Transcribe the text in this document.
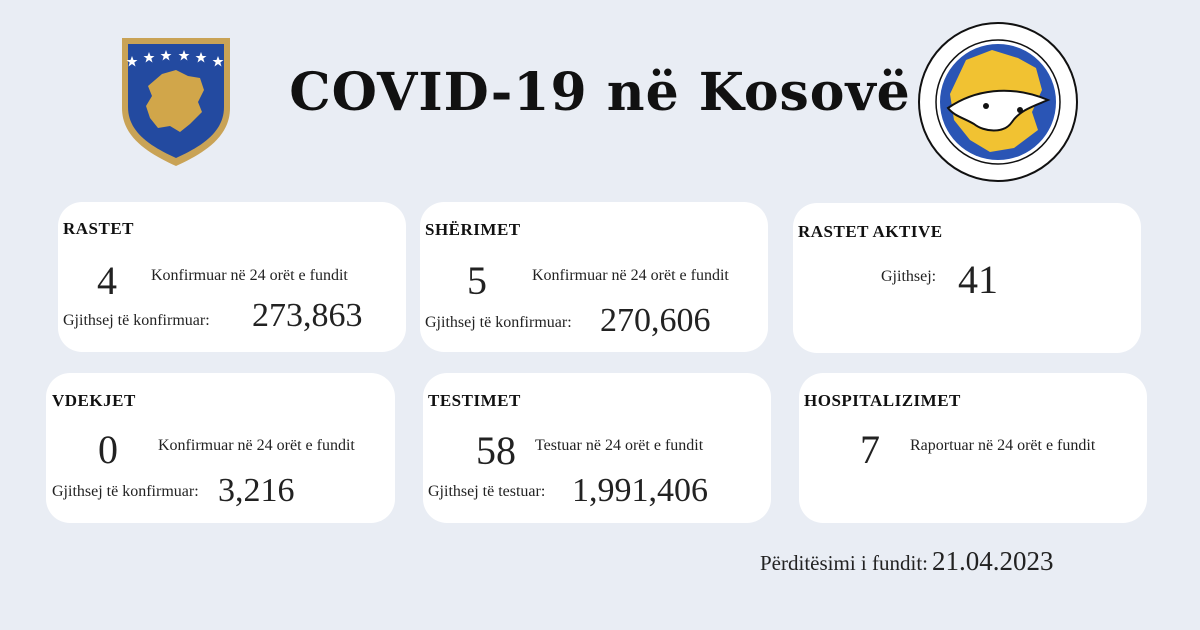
COVID-19 në Kosovë
RASTET
4 Konfirmuar në 24 orët e fundit
Gjithsej të konfirmuar: 273,863
SHËRIMET
5	Konfirmuar në 24 orët e fundit
Gjithsej të konfirmuar: 270,606
RASTET AKTIVE
Gjithsej: 41
VDEKJET
0	Konfirmuar në 24 orët e fundit
Gjithsej të konfirmuar: 3,216
TESTIMET
58 Testuar në 24 orët e fundit
Gjithsej të testuar: 1,991,406
HOSPITALIZIMET
7 Raportuar në 24 orët e fundit
Përditësimi i fundit: 21.04.2023
